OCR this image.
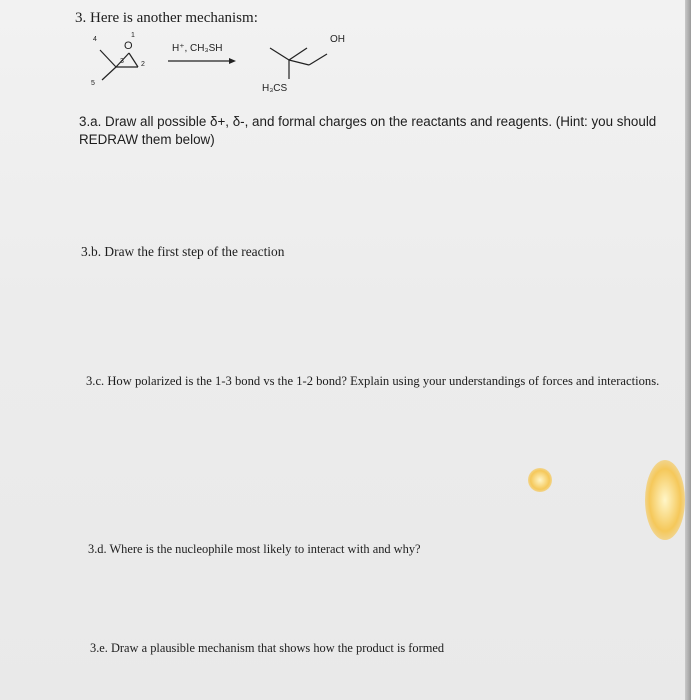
3. Here is another mechanism:
4
1
O
3 2
5
H⁺, CH₃SH
OH
H₃CS
3.a. Draw all possible δ+, δ-, and formal charges on the reactants and reagents. (Hint: you should REDRAW them below)
3.b. Draw the first step of the reaction
3.c. How polarized is the 1-3 bond vs the 1-2 bond? Explain using your understandings of forces and interactions.
3.d. Where is the nucleophile most likely to interact with and why?
3.e. Draw a plausible mechanism that shows how the product is formed
